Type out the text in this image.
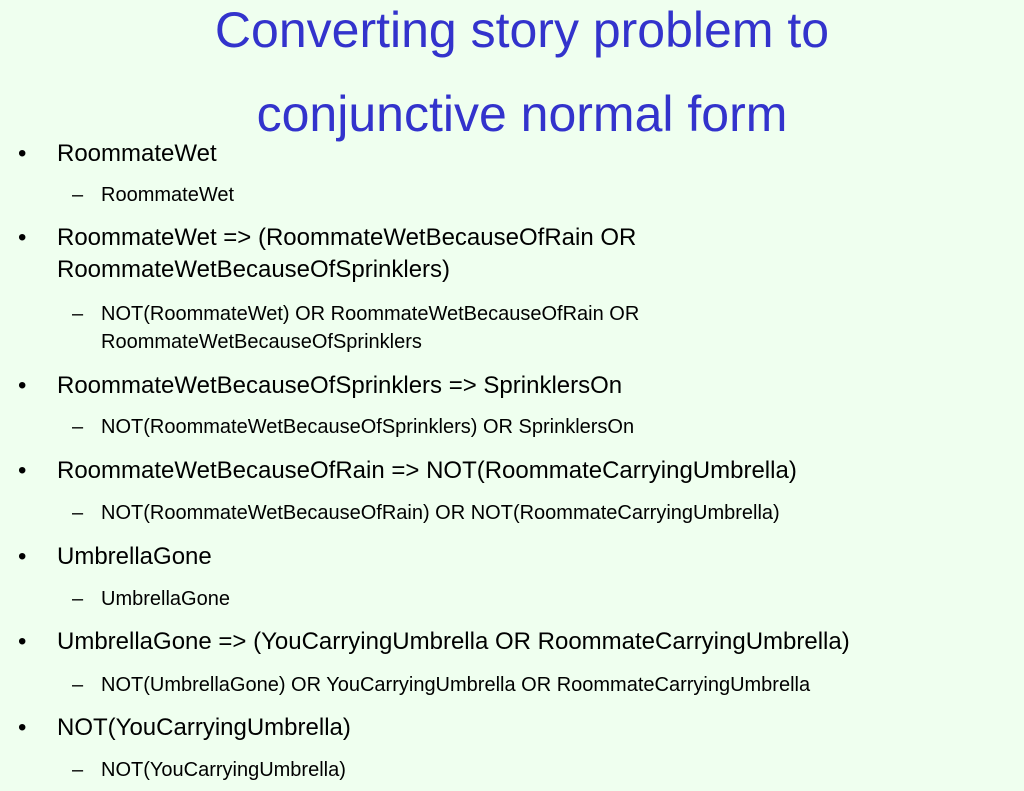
Converting story problem to
conjunctive normal form
• RoommateWet
– RoommateWet
• RoommateWet => (RoommateWetBecauseOfRain OR
RoommateWetBecauseOfSprinklers)
– NOT(RoommateWet) OR RoommateWetBecauseOfRain OR
RoommateWetBecauseOfSprinklers
• RoommateWetBecauseOfSprinklers => SprinklersOn
– NOT(RoommateWetBecauseOfSprinklers) OR SprinklersOn
• RoommateWetBecauseOfRain => NOT(RoommateCarryingUmbrella)
– NOT(RoommateWetBecauseOfRain) OR NOT(RoommateCarryingUmbrella)
• UmbrellaGone
– UmbrellaGone
• UmbrellaGone => (YouCarryingUmbrella OR RoommateCarryingUmbrella)
– NOT(UmbrellaGone) OR YouCarryingUmbrella OR RoommateCarryingUmbrella
• NOT(YouCarryingUmbrella)
– NOT(YouCarryingUmbrella)
